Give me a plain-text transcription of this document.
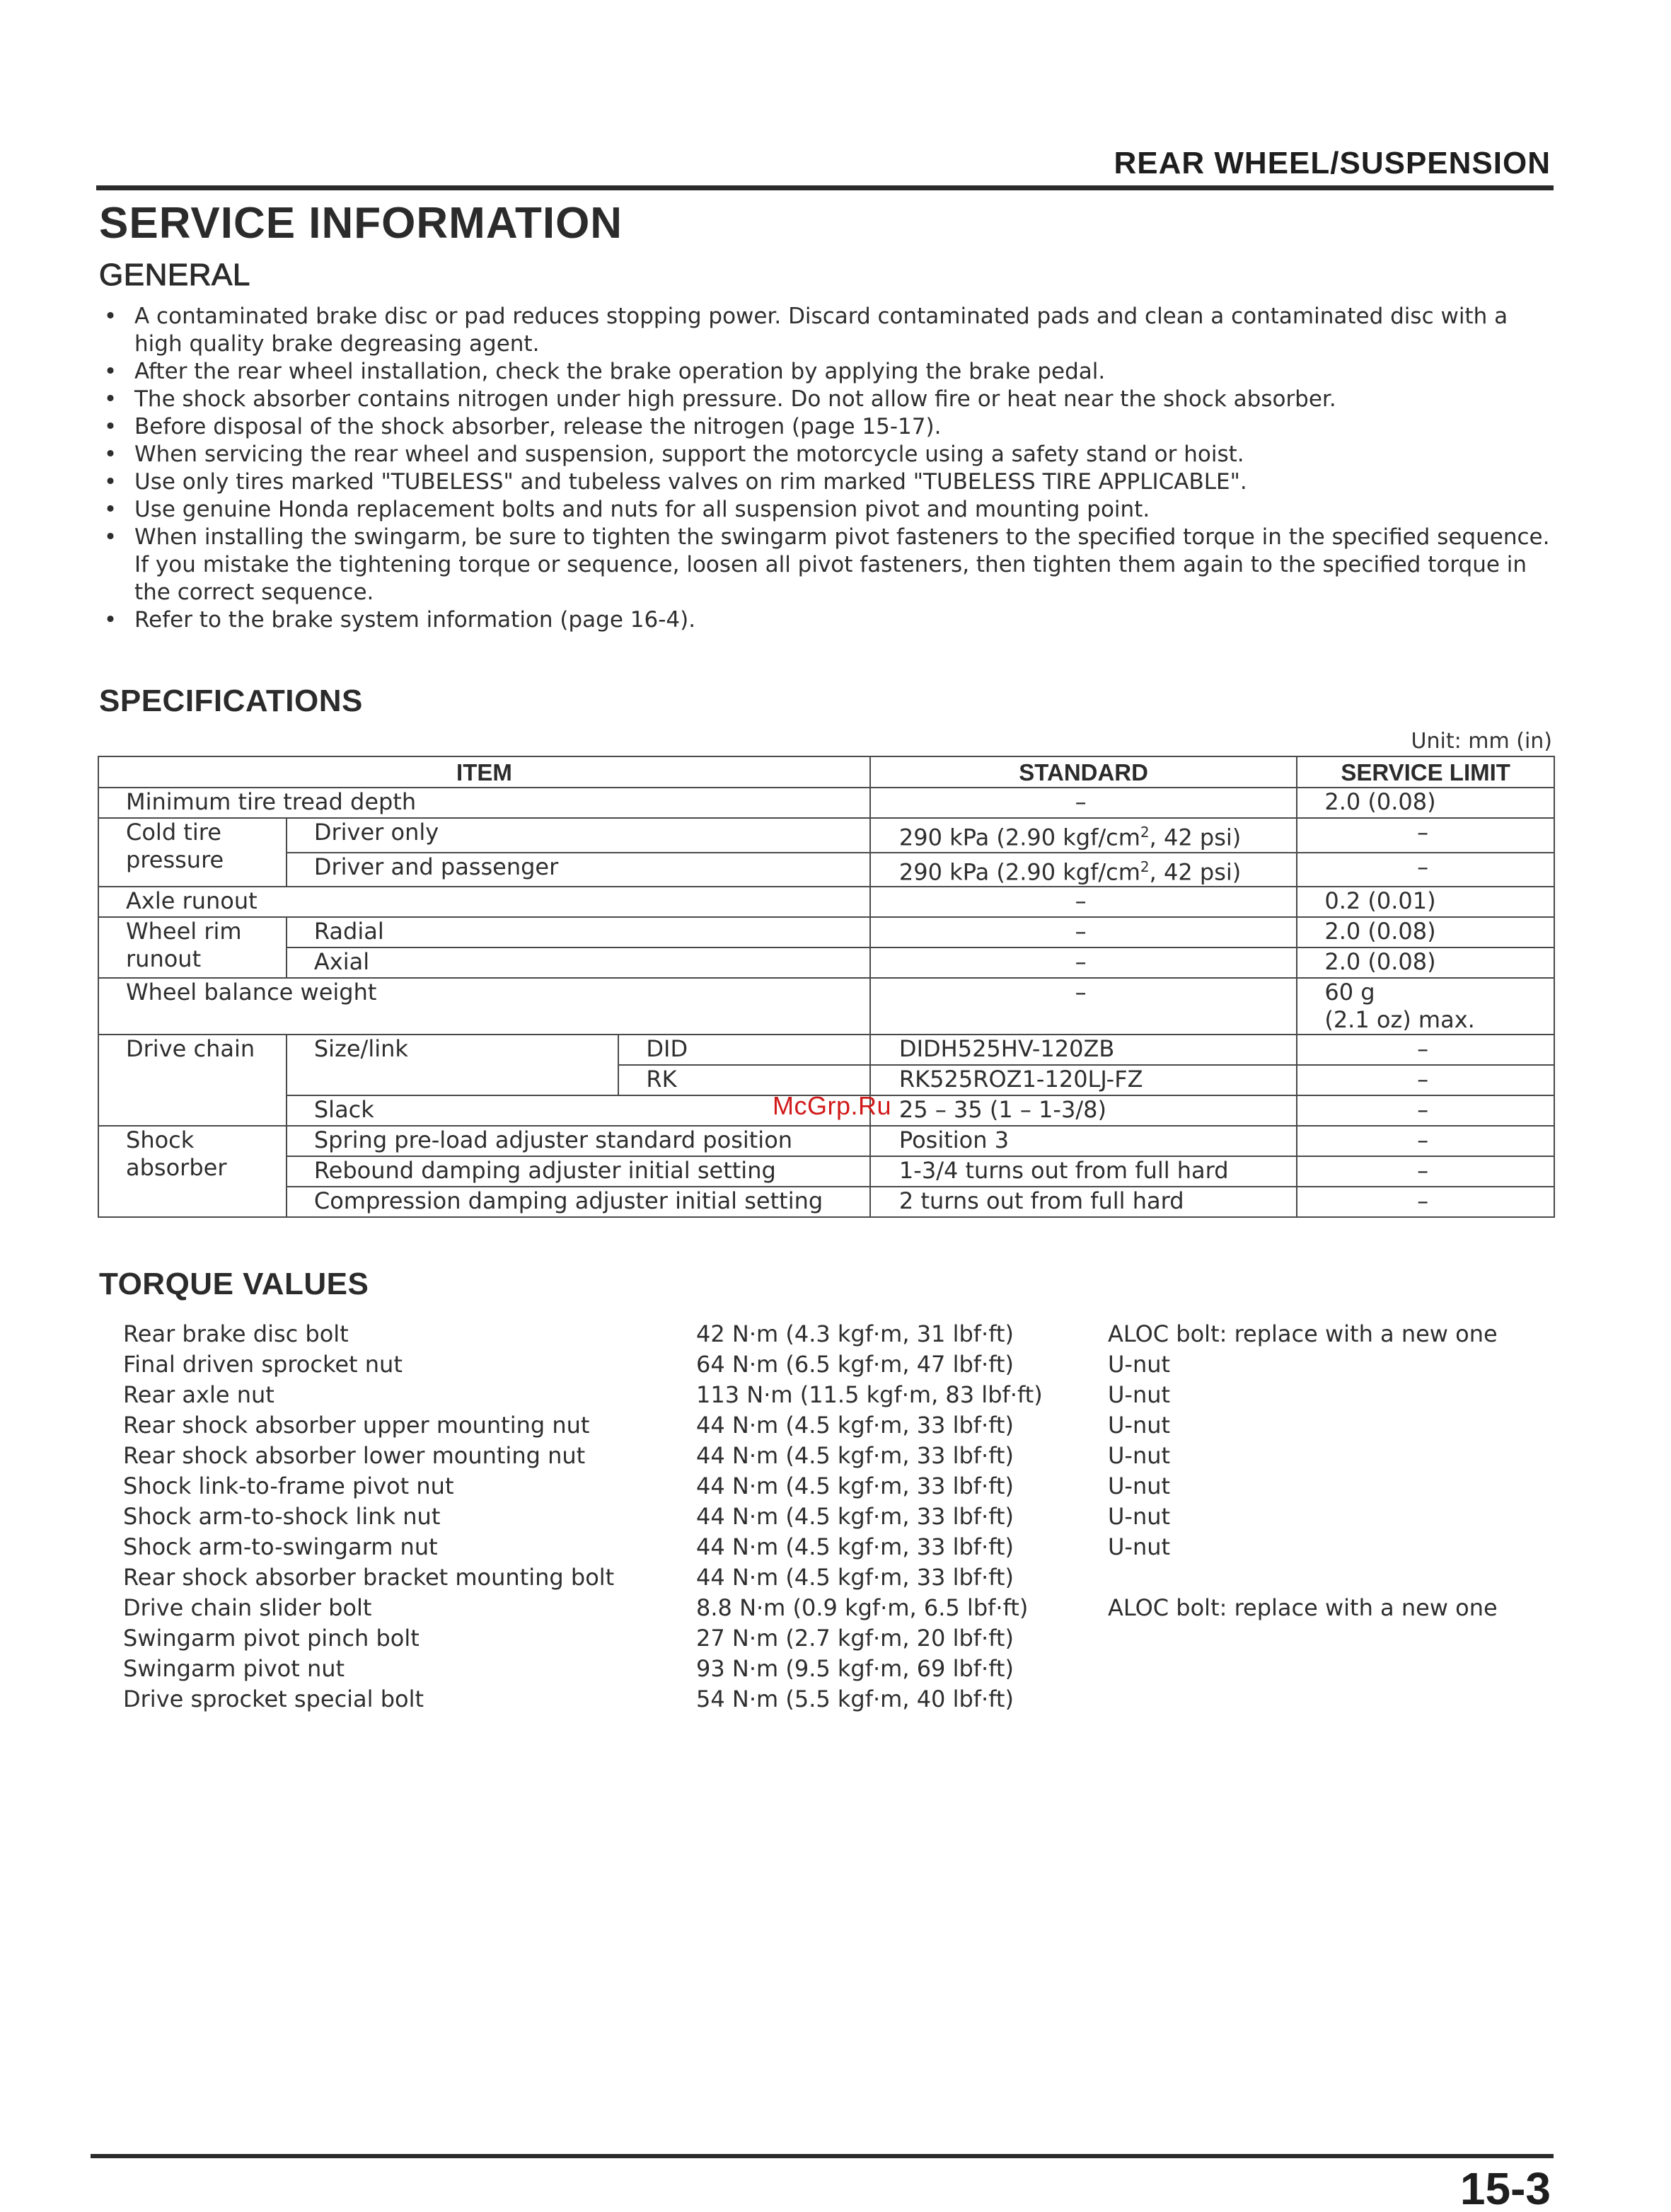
REAR WHEEL/SUSPENSION
SERVICE INFORMATION
GENERAL
• A contaminated brake disc or pad reduces stopping power. Discard contaminated pads and clean a contaminated disc with a high quality brake degreasing agent.
• After the rear wheel installation, check the brake operation by applying the brake pedal.
• The shock absorber contains nitrogen under high pressure. Do not allow fire or heat near the shock absorber.
• Before disposal of the shock absorber, release the nitrogen (page 15-17).
• When servicing the rear wheel and suspension, support the motorcycle using a safety stand or hoist.
• Use only tires marked "TUBELESS" and tubeless valves on rim marked "TUBELESS TIRE APPLICABLE".
• Use genuine Honda replacement bolts and nuts for all suspension pivot and mounting point.
• When installing the swingarm, be sure to tighten the swingarm pivot fasteners to the specified torque in the specified sequence. If you mistake the tightening torque or sequence, loosen all pivot fasteners, then tighten them again to the specified torque in the correct sequence.
• Refer to the brake system information (page 16-4).
SPECIFICATIONS
Unit: mm (in)
ITEM			STANDARD	SERVICE LIMIT
Minimum tire tread depth			–	2.0 (0.08)
Cold tire pressure	Driver only		290 kPa (2.90 kgf/$cm^2$, 42 psi)	–
	Driver and passenger		290 kPa (2.90 kgf/$cm^2$, 42 psi)	–
Axle runout			–	0.2 (0.01)
Wheel rim runout	Radial		–	2.0 (0.08)
	Axial		–	2.0 (0.08)
Wheel balance weight			–	60 g
(2.1 oz) max.

Drive chain	Size/link	DID	DIDH525HV-120ZB	–
		RK	RK525ROZ1-120LJ-FZ	–
	Slack		25 – 35 (1 – 1-3/8)	–

Shock
absorber	Spring pre-load adjuster standard position		Position 3	–
	Rebound damping adjuster initial setting		1-3/4 turns out from full hard	–
	Compression damping adjuster initial setting		2 turns out from full hard	–
McGrp.Ru
TORQUE VALUES
Rear brake disc bolt	42 N·m (4.3 kgf·m, 31 lbf·ft)	ALOC bolt: replace with a new one
Final driven sprocket nut	64 N·m (6.5 kgf·m, 47 lbf·ft)	U-nut
Rear axle nut	113 N·m (11.5 kgf·m, 83 lbf·ft)	U-nut
Rear shock absorber upper mounting nut	44 N·m (4.5 kgf·m, 33 lbf·ft)	U-nut
Rear shock absorber lower mounting nut	44 N·m (4.5 kgf·m, 33 lbf·ft)	U-nut
Shock link-to-frame pivot nut	44 N·m (4.5 kgf·m, 33 lbf·ft)	U-nut
Shock arm-to-shock link nut	44 N·m (4.5 kgf·m, 33 lbf·ft)	U-nut
Shock arm-to-swingarm nut	44 N·m (4.5 kgf·m, 33 lbf·ft)	U-nut
Rear shock absorber bracket mounting bolt	44 N·m (4.5 kgf·m, 33 lbf·ft)
Drive chain slider bolt	8.8 N·m (0.9 kgf·m, 6.5 lbf·ft)	ALOC bolt: replace with a new one
Swingarm pivot pinch bolt	27 N·m (2.7 kgf·m, 20 lbf·ft)
Swingarm pivot nut	93 N·m (9.5 kgf·m, 69 lbf·ft)
Drive sprocket special bolt	54 N·m (5.5 kgf·m, 40 lbf·ft)
15-3
